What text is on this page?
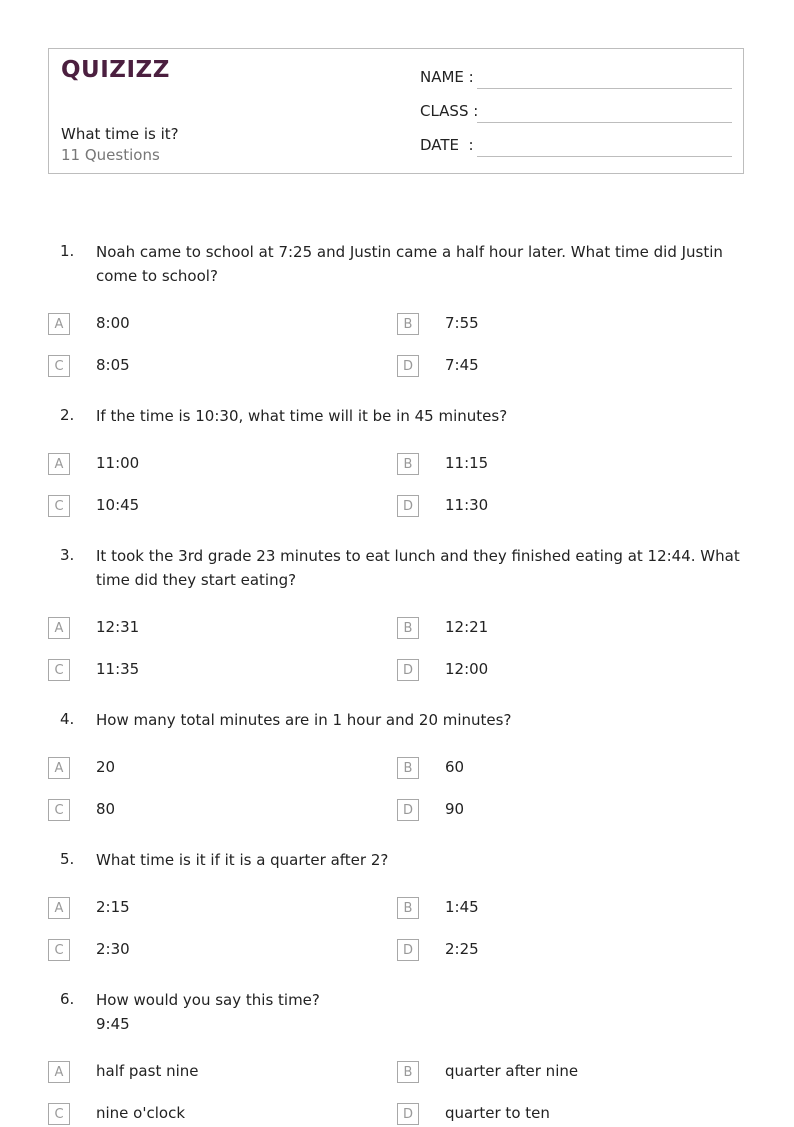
QUIZIZZ
What time is it?
11 Questions
NAME :
CLASS :
DATE  :
1. Noah came to school at 7:25 and Justin came a half hour later. What time did Justin come to school?
A	8:00	B	7:55
C	8:05	D	7:45
2. If the time is 10:30, what time will it be in 45 minutes?
A	11:00	B	11:15
C	10:45	D	11:30
3. It took the 3rd grade 23 minutes to eat lunch and they finished eating at 12:44. What time did they start eating?
A	12:31	B	12:21
C	11:35	D	12:00
4. How many total minutes are in 1 hour and 20 minutes?
A	20	B	60
C	80	D	90
5. What time is it if it is a quarter after 2?
A	2:15	B	1:45
C	2:30	D	2:25
6. How would you say this time?
9:45
A	half past nine	B	quarter after nine
C	nine o'clock	D	quarter to ten
